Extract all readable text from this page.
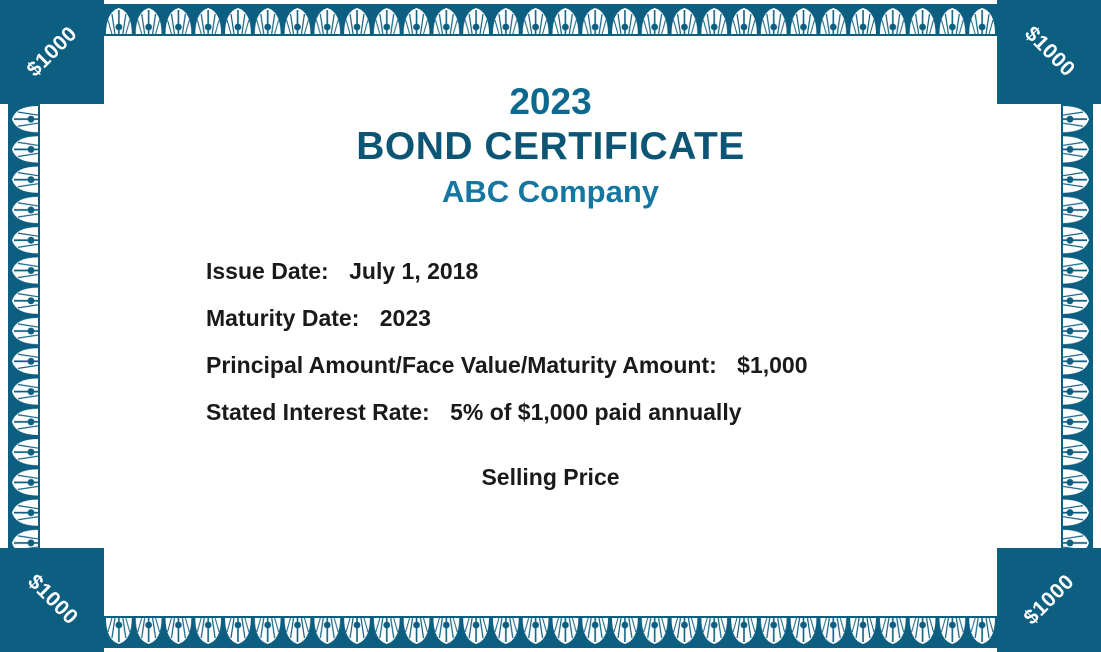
$1000	$1000
$1000	$1000
2023
BOND CERTIFICATE
ABC Company
Issue Date: July 1, 2018
Maturity Date: 2023
Principal Amount/Face Value/Maturity Amount: $1,000
Stated Interest Rate: 5% of $1,000 paid annually
Selling Price
